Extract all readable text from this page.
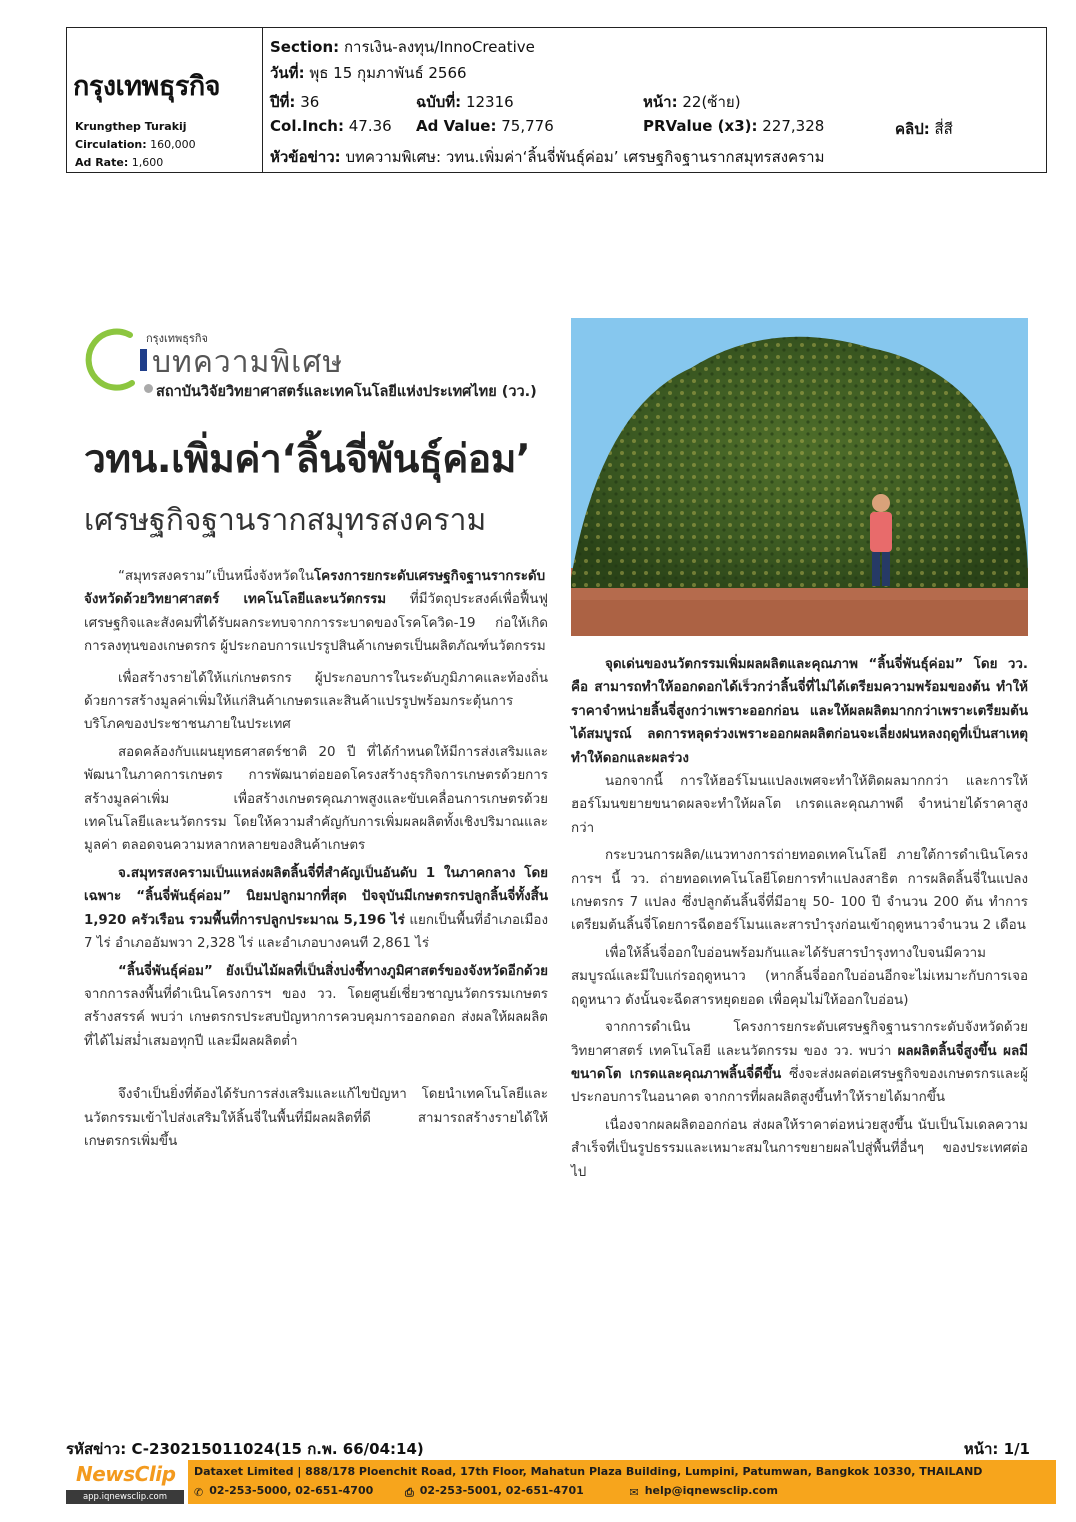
กรุงเทพธุรกิจ
Krungthep Turakij
Circulation: 160,000
Ad Rate: 1,600
Section: การเงิน-ลงทุน/InnoCreative
วันที่: พุธ 15 กุมภาพันธ์ 2566
ปีที่: 36	ฉบับที่: 12316	หน้า: 22(ซ้าย)
Col.Inch: 47.36 Ad Value: 75,776	PRValue (x3): 227,328	คลิป: สี่สี
หัวข้อข่าว: บทความพิเศษ: วทน.เพิ่มค่า‘ลิ้นจี่พันธุ์ค่อม’ เศรษฐกิจฐานรากสมุทรสงคราม
กรุงเทพธุรกิจ
บทความพิเศษ
สถาบันวิจัยวิทยาศาสตร์และเทคโนโลยีแห่งประเทศไทย (วว.)
วทน.เพิ่มค่า‘ลิ้นจี่พันธุ์ค่อม’
เศรษฐกิจฐานรากสมุทรสงคราม

“สมุทรสงคราม”เป็นหนึ่งจังหวัดในโครงการยกระดับเศรษฐกิจฐานรากระดับจังหวัดด้วยวิทยาศาสตร์ เทคโนโลยีและนวัตกรรม ที่มีวัตถุประสงค์เพื่อฟื้นฟูเศรษฐกิจและสังคมที่ได้รับผลกระทบจากการระบาดของโรคโควิด-19 ก่อให้เกิดการลงทุนของเกษตรกร ผู้ประกอบการแปรรูปสินค้าเกษตรเป็นผลิตภัณฑ์นวัตกรรม

เพื่อสร้างรายได้ให้แก่เกษตรกร ผู้ประกอบการในระดับภูมิภาคและท้องถิ่น ด้วยการสร้างมูลค่าเพิ่มให้แก่สินค้าเกษตรและสินค้าแปรรูปพร้อมกระตุ้นการบริโภคของประชาชนภายในประเทศ

สอดคล้องกับแผนยุทธศาสตร์ชาติ 20 ปี ที่ได้กำหนดให้มีการส่งเสริมและพัฒนาในภาคการเกษตร การพัฒนาต่อยอดโครงสร้างธุรกิจการเกษตรด้วยการสร้างมูลค่าเพิ่ม เพื่อสร้างเกษตรคุณภาพสูงและขับเคลื่อนการเกษตรด้วยเทคโนโลยีและนวัตกรรม โดยให้ความสำคัญกับการเพิ่มผลผลิตทั้งเชิงปริมาณและมูลค่า ตลอดจนความหลากหลายของสินค้าเกษตร

จ.สมุทรสงครามเป็นแหล่งผลิตลิ้นจี่ที่สำคัญเป็นอันดับ 1 ในภาคกลาง โดยเฉพาะ “ลิ้นจี่พันธุ์ค่อม” นิยมปลูกมากที่สุด ปัจจุบันมีเกษตรกรปลูกลิ้นจี่ทั้งสิ้น 1,920 ครัวเรือน รวมพื้นที่การปลูกประมาณ 5,196 ไร่ แยกเป็นพื้นที่อำเภอเมือง 7 ไร่ อำเภออัมพวา 2,328 ไร่ และอำเภอบางคนที 2,861 ไร่

“ลิ้นจี่พันธุ์ค่อม” ยังเป็นไม้ผลที่เป็นสิ่งบ่งชี้ทางภูมิศาสตร์ของจังหวัดอีกด้วย จากการลงพื้นที่ดำเนินโครงการฯ ของ วว. โดยศูนย์เชี่ยวชาญนวัตกรรมเกษตรสร้างสรรค์ พบว่า เกษตรกรประสบปัญหาการควบคุมการออกดอก ส่งผลให้ผลผลิตที่ได้ไม่สม่ำเสมอทุกปี และมีผลผลิตต่ำ

จึงจำเป็นยิ่งที่ต้องได้รับการส่งเสริมและแก้ไขปัญหา โดยนำเทคโนโลยีและนวัตกรรมเข้าไปส่งเสริมให้ลิ้นจี่ในพื้นที่มีผลผลิตที่ดี สามารถสร้างรายได้ให้เกษตรกรเพิ่มขึ้น

จุดเด่นของนวัตกรรมเพิ่มผลผลิตและคุณภาพ “ลิ้นจี่พันธุ์ค่อม” โดย วว. คือ สามารถทำให้ออกดอกได้เร็วกว่าลิ้นจี่ที่ไม่ได้เตรียมความพร้อมของต้น ทำให้ราคาจำหน่ายลิ้นจี่สูงกว่าเพราะออกก่อน และให้ผลผลิตมากกว่าเพราะเตรียมต้นได้สมบูรณ์ ลดการหลุดร่วงเพราะออกผลผลิตก่อนจะเลี่ยงฝนหลงฤดูที่เป็นสาเหตุทำให้ดอกและผลร่วง

นอกจากนี้ การให้ฮอร์โมนแปลงเพศจะทำให้ติดผลมากกว่า และการให้ฮอร์โมนขยายขนาดผลจะทำให้ผลโต เกรดและคุณภาพดี จำหน่ายได้ราคาสูงกว่า

กระบวนการผลิต/แนวทางการถ่ายทอดเทคโนโลยี ภายใต้การดำเนินโครงการฯ นี้ วว. ถ่ายทอดเทคโนโลยีโดยการทำแปลงสาธิต การผลิตลิ้นจี่ในแปลงเกษตรกร 7 แปลง ซึ่งปลูกต้นลิ้นจี่ที่มีอายุ 50- 100 ปี จำนวน 200 ต้น ทำการเตรียมต้นลิ้นจี่โดยการฉีดฮอร์โมนและสารบำรุงก่อนเข้าฤดูหนาวจำนวน 2 เดือน

เพื่อให้ลิ้นจี่ออกใบอ่อนพร้อมกันและได้รับสารบำรุงทางใบจนมีความสมบูรณ์และมีใบแก่รอฤดูหนาว (หากลิ้นจี่ออกใบอ่อนอีกจะไม่เหมาะกับการเจอฤดูหนาว ดังนั้นจะฉีดสารหยุดยอด เพื่อคุมไม่ให้ออกใบอ่อน)

จากการดำเนิน โครงการยกระดับเศรษฐกิจฐานรากระดับจังหวัดด้วยวิทยาศาสตร์ เทคโนโลยี และนวัตกรรม ของ วว. พบว่า ผลผลิตลิ้นจี่สูงขึ้น ผลมีขนาดโต เกรดและคุณภาพลิ้นจี่ดีขึ้น ซึ่งจะส่งผลต่อเศรษฐกิจของเกษตรกรและผู้ประกอบการในอนาคต จากการที่ผลผลิตสูงขึ้นทำให้รายได้มากขึ้น

เนื่องจากผลผลิตออกก่อน ส่งผลให้ราคาต่อหน่วยสูงขึ้น นับเป็นโมเดลความสำเร็จที่เป็นรูปธรรมและเหมาะสมในการขยายผลไปสู่พื้นที่อื่นๆ ของประเทศต่อไป

รหัสข่าว: C-230215011024(15 ก.พ. 66/04:14)	หน้า: 1/1
NewsClip
app.iqnewsclip.com
Dataxet Limited | 888/178 Ploenchit Road, 17th Floor, Mahatun Plaza Building, Lumpini, Patumwan, Bangkok 10330, THAILAND
✆ 02-253-5000, 02-651-4700	⎙ 02-253-5001, 02-651-4701	✉ help@iqnewsclip.com
